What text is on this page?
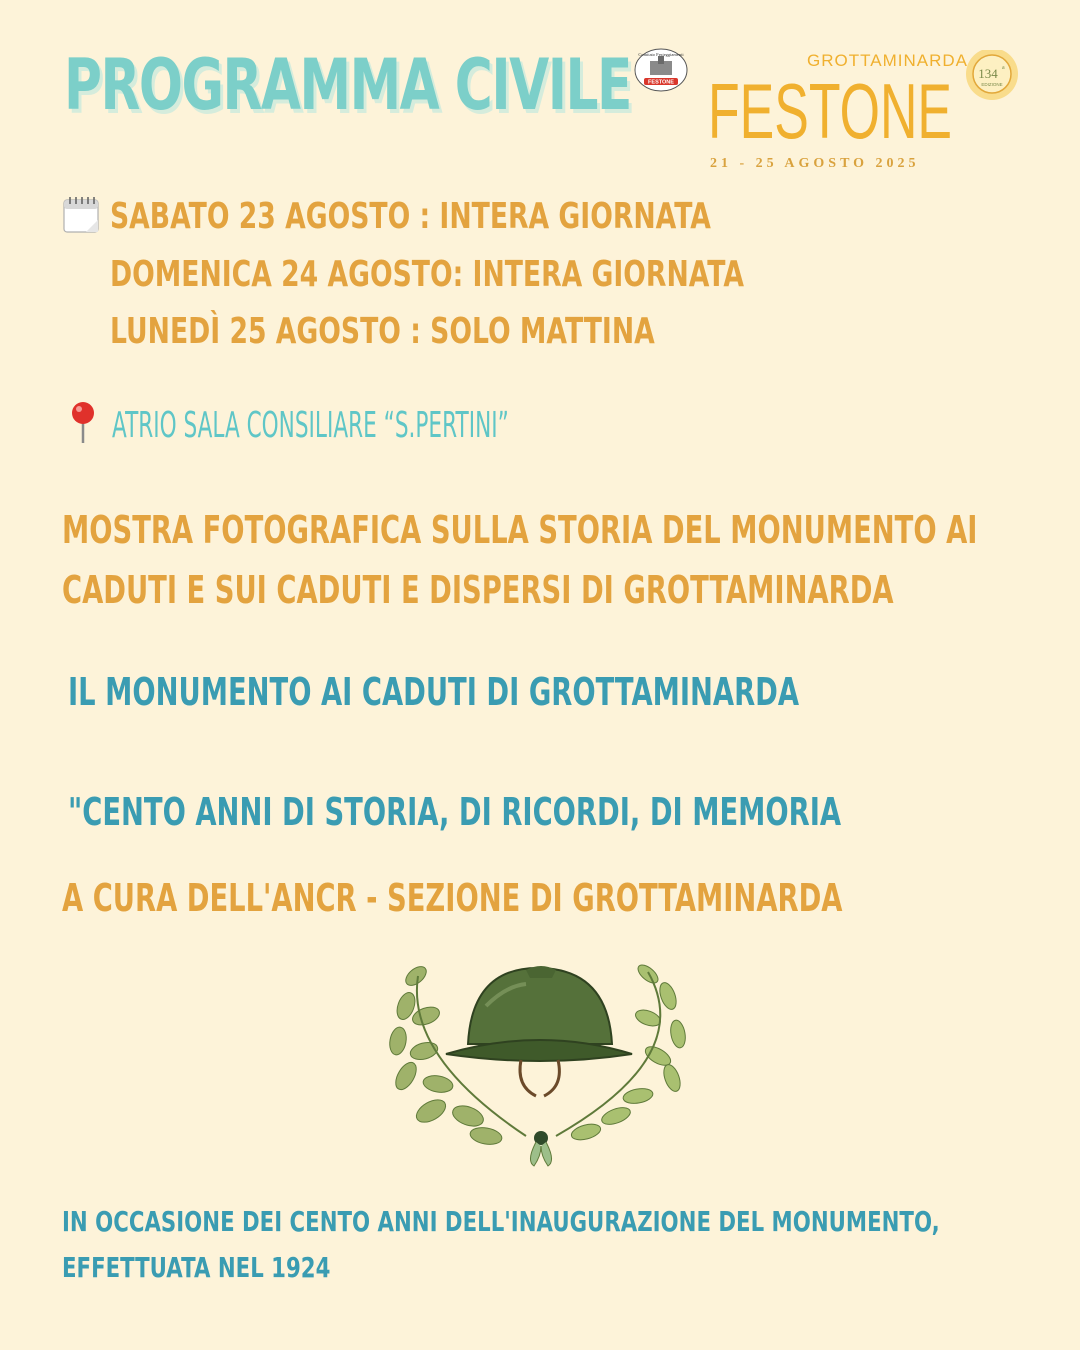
PROGRAMMA CIVILE	FESTONE
Comitato Festeggiamenti	GROTTAMINARDA
FESTONE
21 - 25 AGOSTO 2025
134 a
EDIZIONE
SABATO 23 AGOSTO : INTERA GIORNATA
DOMENICA 24 AGOSTO: INTERA GIORNATA
LUNEDÌ 25 AGOSTO : SOLO MATTINA
ATRIO SALA CONSILIARE “S.PERTINI”
MOSTRA FOTOGRAFICA SULLA STORIA DEL MONUMENTO AI
CADUTI E SUI CADUTI E DISPERSI DI GROTTAMINARDA
IL MONUMENTO AI CADUTI DI GROTTAMINARDA
"CENTO ANNI DI STORIA, DI RICORDI, DI MEMORIA
A CURA DELL'ANCR - SEZIONE DI GROTTAMINARDA
IN OCCASIONE DEI CENTO ANNI DELL'INAUGURAZIONE DEL MONUMENTO,
EFFETTUATA NEL 1924
